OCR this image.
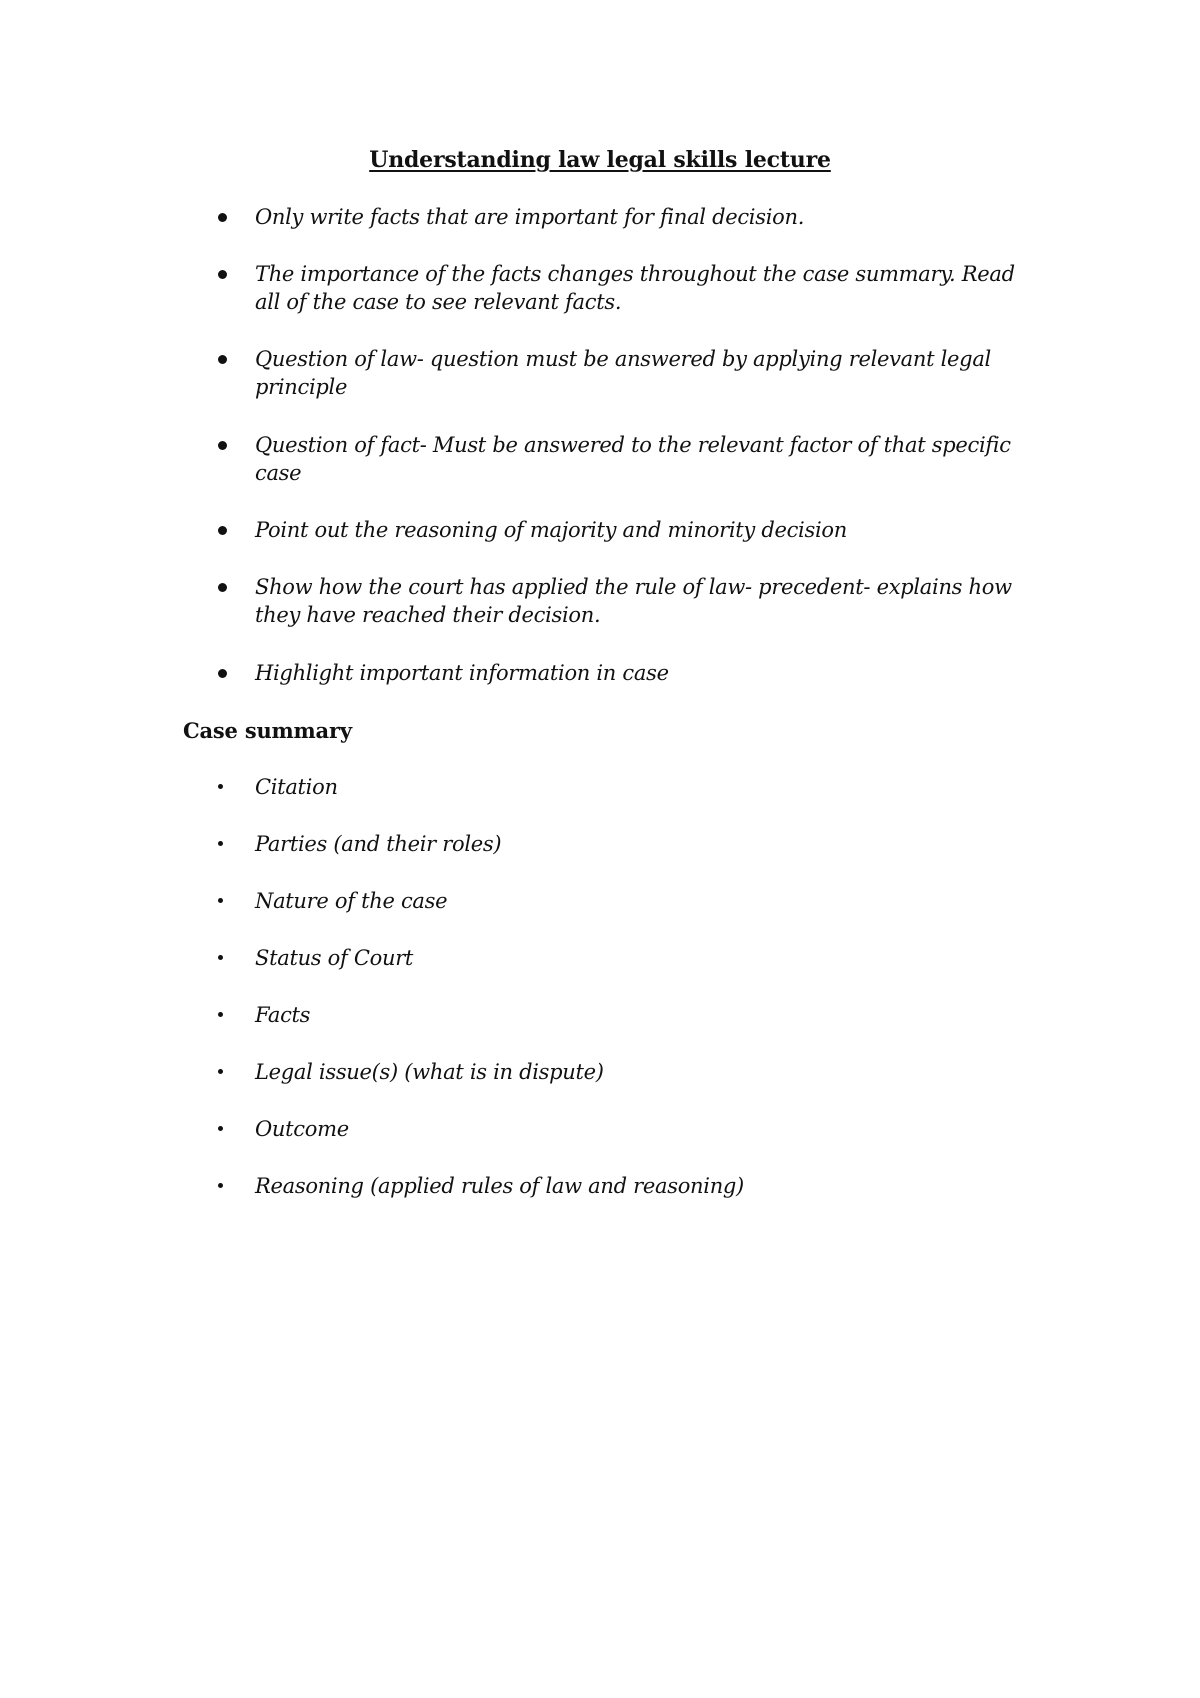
Understanding law legal skills lecture
Only write facts that are important for final decision.
The importance of the facts changes throughout the case summary. Read all of the case to see relevant facts.
Question of law- question must be answered by applying relevant legal principle
Question of fact- Must be answered to the relevant factor of that specific case
Point out the reasoning of majority and minority decision
Show how the court has applied the rule of law- precedent- explains how they have reached their decision.
Highlight important information in case
Case summary
Citation
Parties (and their roles)
Nature of the case
Status of Court
Facts
Legal issue(s) (what is in dispute)
Outcome
Reasoning (applied rules of law and reasoning)
